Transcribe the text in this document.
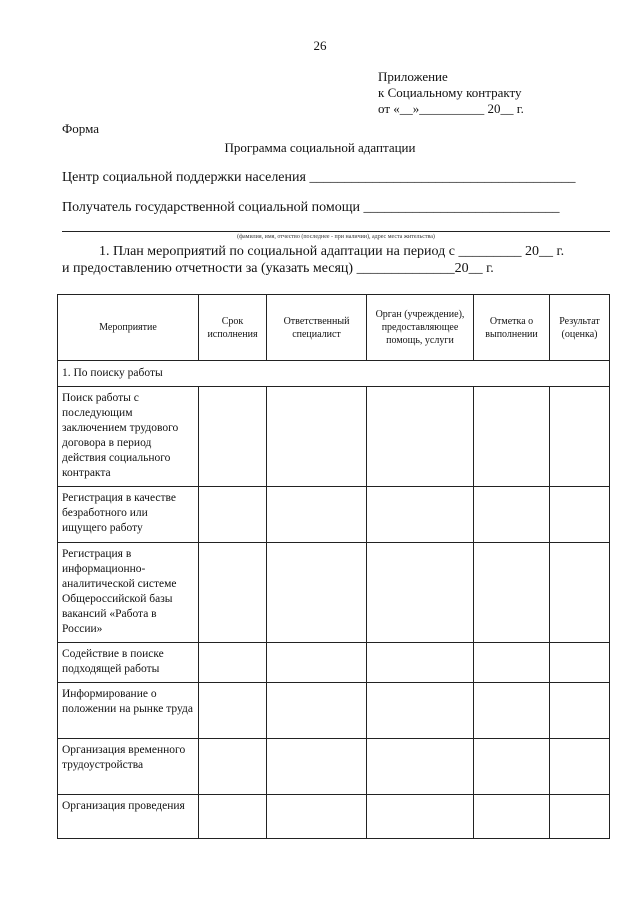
26
Приложение
к Социальному контракту
от «__»__________ 20__ г.
Форма
Программа социальной адаптации
Центр социальной поддержки населения ______________________________________
Получатель государственной социальной помощи ____________________________
(фамилия, имя, отчество (последнее - при наличии), адрес места жительства)
1. План мероприятий по социальной адаптации на период с _________ 20__ г.
и предоставлению отчетности за (указать месяц) ______________20__ г.
Мероприятие	Срок исполнения	Ответственный специалист	Орган (учреждение), предоставляющее помощь, услуги	Отметка о выполнении	Результат (оценка)
1. По поиску работы					
Поиск работы с последующим заключением трудового договора в период действия социального контракта					
Регистрация в качестве безработного или ищущего работу					
Регистрация в информационно-аналитической системе Общероссийской базы вакансий «Работа в России»					
Содействие в поиске подходящей работы					
Информирование о положении на рынке труда					
Организация временного трудоустройства					
Организация проведения					
